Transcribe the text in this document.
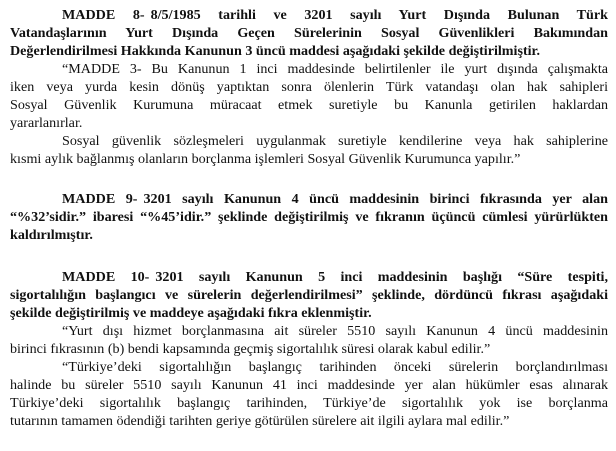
MADDE 8- 8/5/1985 tarihli ve 3201 sayılı Yurt Dışında Bulunan Türk
Vatandaşlarının Yurt Dışında Geçen Sürelerinin Sosyal Güvenlikleri Bakımından
Değerlendirilmesi Hakkında Kanunun 3 üncü maddesi aşağıdaki şekilde değiştirilmiştir.
“MADDE 3- Bu Kanunun 1 inci maddesinde belirtilenler ile yurt dışında çalışmakta
iken veya yurda kesin dönüş yaptıktan sonra ölenlerin Türk vatandaşı olan hak sahipleri
Sosyal Güvenlik Kurumuna müracaat etmek suretiyle bu Kanunla getirilen haklardan
yararlanırlar.
Sosyal güvenlik sözleşmeleri uygulanmak suretiyle kendilerine veya hak sahiplerine
kısmi aylık bağlanmış olanların borçlanma işlemleri Sosyal Güvenlik Kurumunca yapılır.”
MADDE 9- 3201 sayılı Kanunun 4 üncü maddesinin birinci fıkrasında yer alan
“%32’sidir.” ibaresi “%45’idir.” şeklinde değiştirilmiş ve fıkranın üçüncü cümlesi yürürlükten
kaldırılmıştır.
MADDE 10- 3201 sayılı Kanunun 5 inci maddesinin başlığı “Süre tespiti,
sigortalılığın başlangıcı ve sürelerin değerlendirilmesi” şeklinde, dördüncü fıkrası aşağıdaki
şekilde değiştirilmiş ve maddeye aşağıdaki fıkra eklenmiştir.
“Yurt dışı hizmet borçlanmasına ait süreler 5510 sayılı Kanunun 4 üncü maddesinin
birinci fıkrasının (b) bendi kapsamında geçmiş sigortalılık süresi olarak kabul edilir.”
“Türkiye’deki sigortalılığın başlangıç tarihinden önceki sürelerin borçlandırılması
halinde bu süreler 5510 sayılı Kanunun 41 inci maddesinde yer alan hükümler esas alınarak
Türkiye’deki sigortalılık başlangıç tarihinden, Türkiye’de sigortalılık yok ise borçlanma
tutarının tamamen ödendiği tarihten geriye götürülen sürelere ait ilgili aylara mal edilir.”
